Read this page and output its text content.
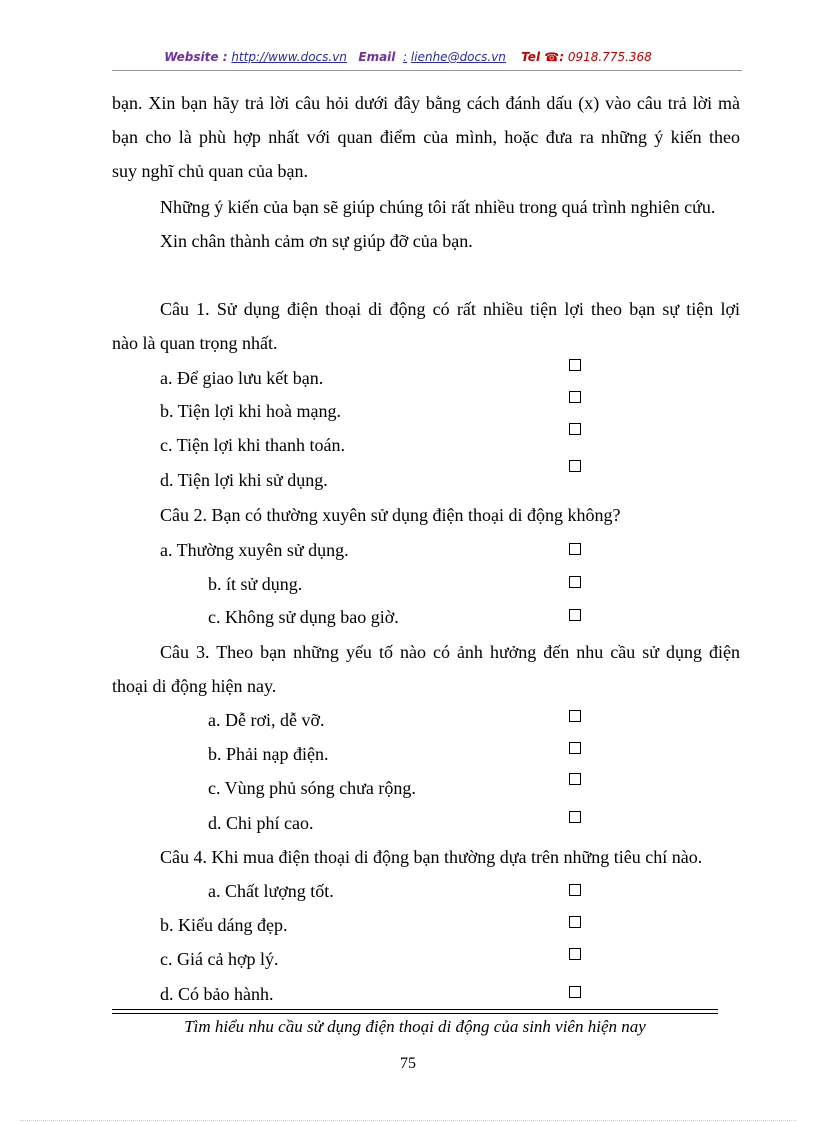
Website : http://www.docs.vn Email : lienhe@docs.vn Tel ☎: 0918.775.368
bạn. Xin bạn hãy trả lời câu hỏi dưới đây bằng cách đánh dấu (x) vào câu trả lời mà
bạn cho là phù hợp nhất với quan điểm của mình, hoặc đưa ra những ý kiến theo
suy nghĩ chủ quan của bạn.
Những ý kiến của bạn sẽ giúp chúng tôi rất nhiều trong quá trình nghiên cứu.
Xin chân thành cảm ơn sự giúp đỡ của bạn.
Câu 1. Sử dụng điện thoại di động có rất nhiều tiện lợi theo bạn sự tiện lợi
nào là quan trọng nhất.
a. Để giao lưu kết bạn.
b. Tiện lợi khi hoà mạng.
c. Tiện lợi khi thanh toán.
d. Tiện lợi khi sử dụng.
Câu 2. Bạn có thường xuyên sử dụng điện thoại di động không?
a. Thường xuyên sử dụng.
b. ít sử dụng.
c. Không sử dụng bao giờ.
Câu 3. Theo bạn những yếu tố nào có ảnh hưởng đến nhu cầu sử dụng điện
thoại di động hiện nay.
a. Dễ rơi, dễ vỡ.
b. Phải nạp điện.
c. Vùng phủ sóng chưa rộng.
d. Chi phí cao.
Câu 4. Khi mua điện thoại di động bạn thường dựa trên những tiêu chí nào.
a. Chất lượng tốt.
b. Kiểu dáng đẹp.
c. Giá cả hợp lý.
d. Có bảo hành.
Tìm hiểu nhu cầu sử dụng điện thoại di động của sinh viên hiện nay
75
